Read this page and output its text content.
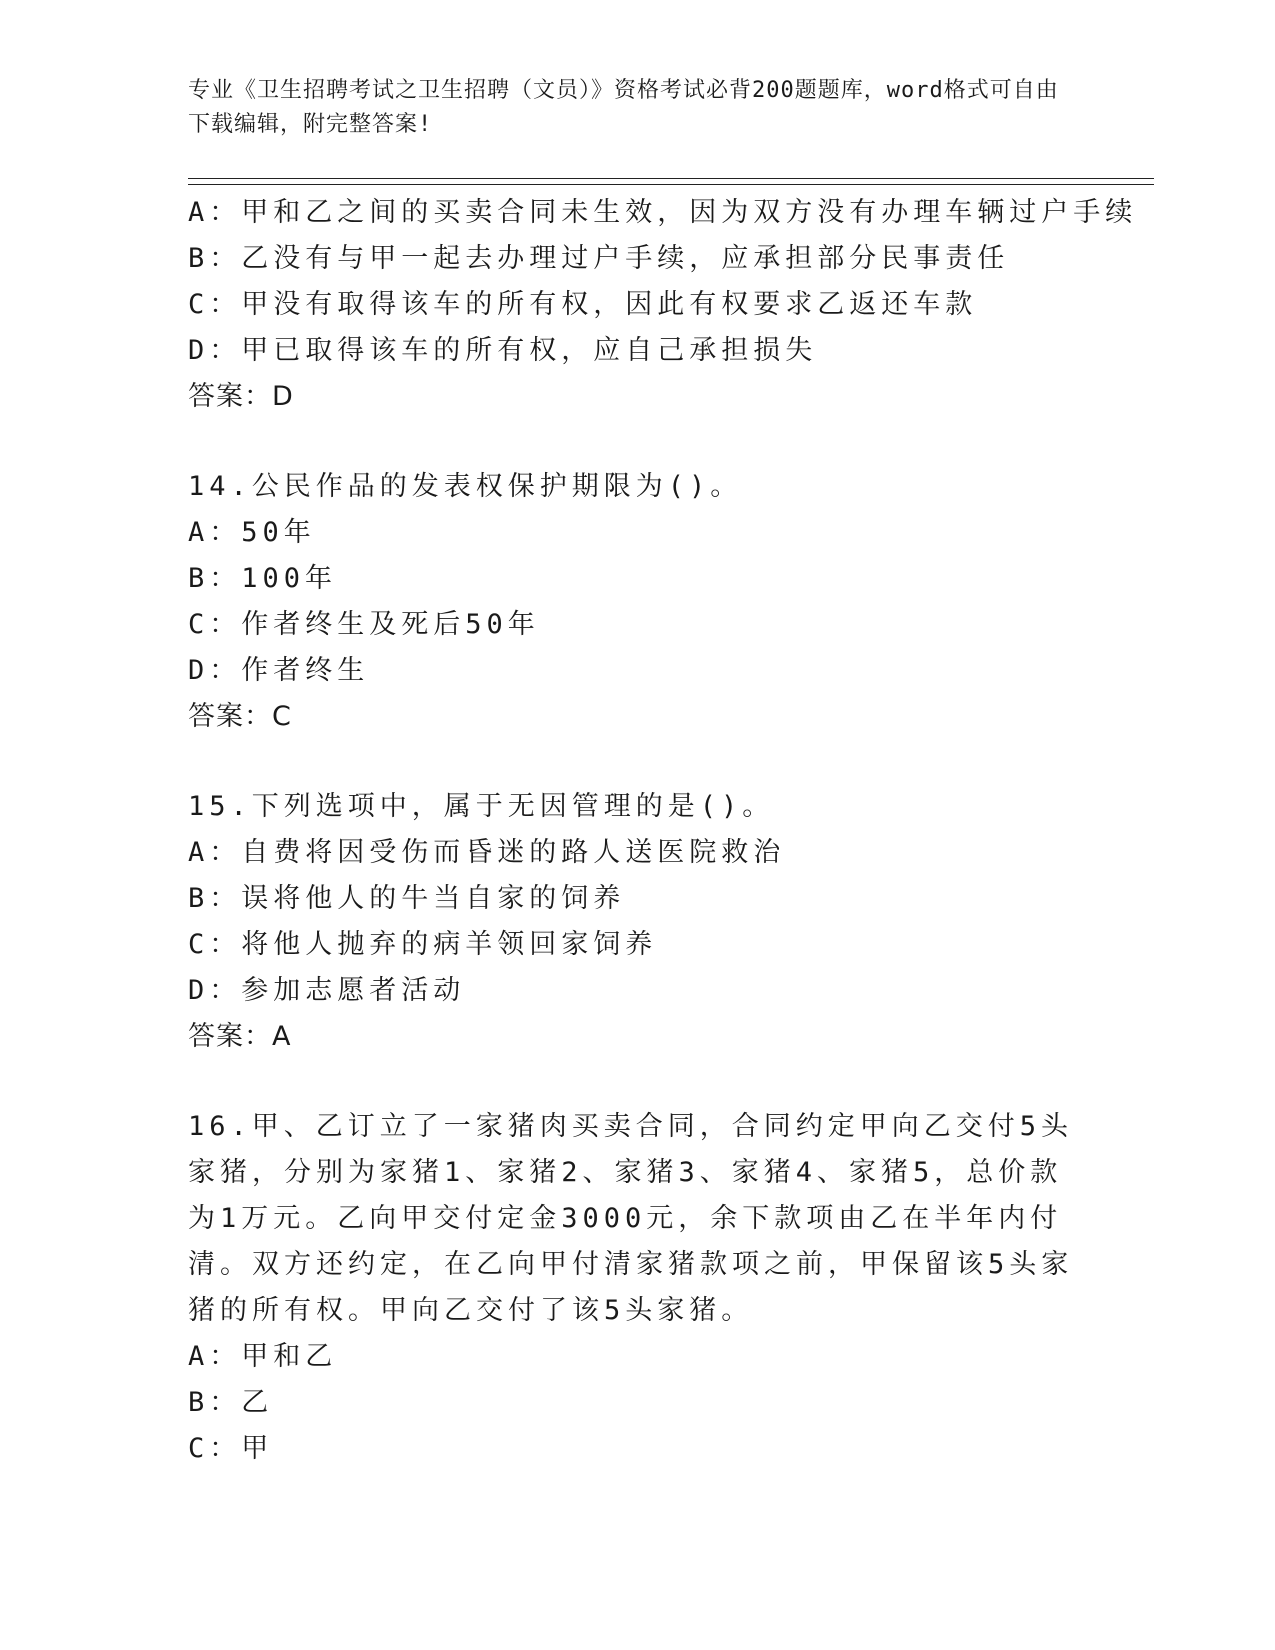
专业《卫生招聘考试之卫生招聘（文员）》资格考试必背200题题库，word格式可自由下载编辑，附完整答案!
A：甲和乙之间的买卖合同未生效，因为双方没有办理车辆过户手续
B：乙没有与甲一起去办理过户手续，应承担部分民事责任
C：甲没有取得该车的所有权，因此有权要求乙返还车款
D：甲已取得该车的所有权，应自己承担损失
答案：D
14.公民作品的发表权保护期限为()。
A：50年
B：100年
C：作者终生及死后50年
D：作者终生
答案：C
15.下列选项中，属于无因管理的是()。
A：自费将因受伤而昏迷的路人送医院救治
B：误将他人的牛当自家的饲养
C：将他人抛弃的病羊领回家饲养
D：参加志愿者活动
答案：A
16.甲、乙订立了一家猪肉买卖合同，合同约定甲向乙交付5头家猪，分别为家猪1、家猪2、家猪3、家猪4、家猪5，总价款为1万元。乙向甲交付定金3000元，余下款项由乙在半年内付清。双方还约定，在乙向甲付清家猪款项之前，甲保留该5头家猪的所有权。甲向乙交付了该5头家猪。
A：甲和乙
B：乙
C：甲
